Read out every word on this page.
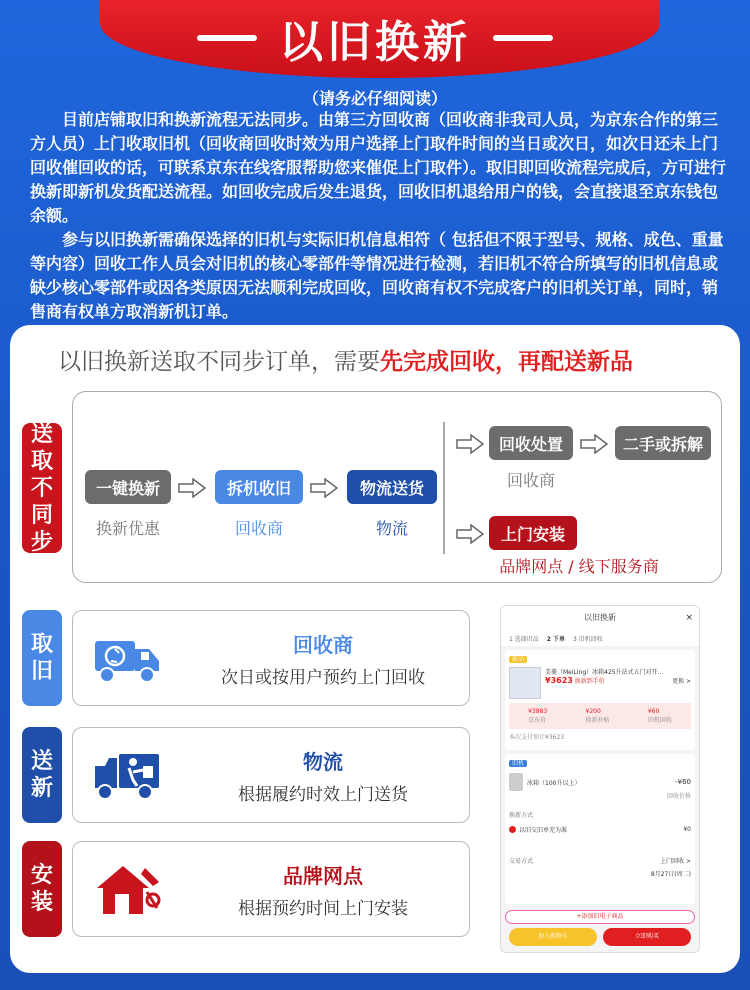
以旧换新
（请务必仔细阅读）

目前店铺取旧和换新流程无法同步。由第三方回收商（回收商非我司人员，为京东合作的第三方人员）上门收取旧机（回收商回收时效为用户选择上门取件时间的当日或次日，如次日还未上门回收催回收的话，可联系京东在线客服帮助您来催促上门取件）。取旧即回收流程完成后，方可进行换新即新机发货配送流程。如回收完成后发生退货，回收旧机退给用户的钱，会直接退至京东钱包余额。

参与以旧换新需确保选择的旧机与实际旧机信息相符（ 包括但不限于型号、规格、成色、重量等内容）回收工作人员会对旧机的核心零部件等情况进行检测，若旧机不符合所填写的旧机信息或缺少核心零部件或因各类原因无法顺利完成回收，回收商有权不完成客户的旧机关订单，同时，销售商有权单方取消新机订单。

以旧换新送取不同步订单，需要先完成回收，再配送新品
送
取
不
同
步
一键换新
换新优惠
拆机收旧
回收商
物流送货
物流
回收处置
回收商
二手或拆解
上门安装
品牌网点 / 线下服务商
取
旧
回收商
次日或按用户预约上门回收
送
新
物流
根据履约时效上门送货
安
装
品牌网点
根据预约时间上门安装
以旧换新	×
1 选择旧品 2 下单 3 旧机回收
新品
美菱（MeiLing）冰箱425升法式五门对开...
¥3623 换新到手价	更换 >
¥3883
京东价
¥200
换新补贴
¥60
旧机回收
本次支付预计¥3623
旧机
冰箱（100升以上）	-¥60
回收价格
换新方式
以旧交旧单充为准	¥0
交易方式	上门回收 >
8月27日(周二)
+添加旧电子商品
加入购物车	立即购买
